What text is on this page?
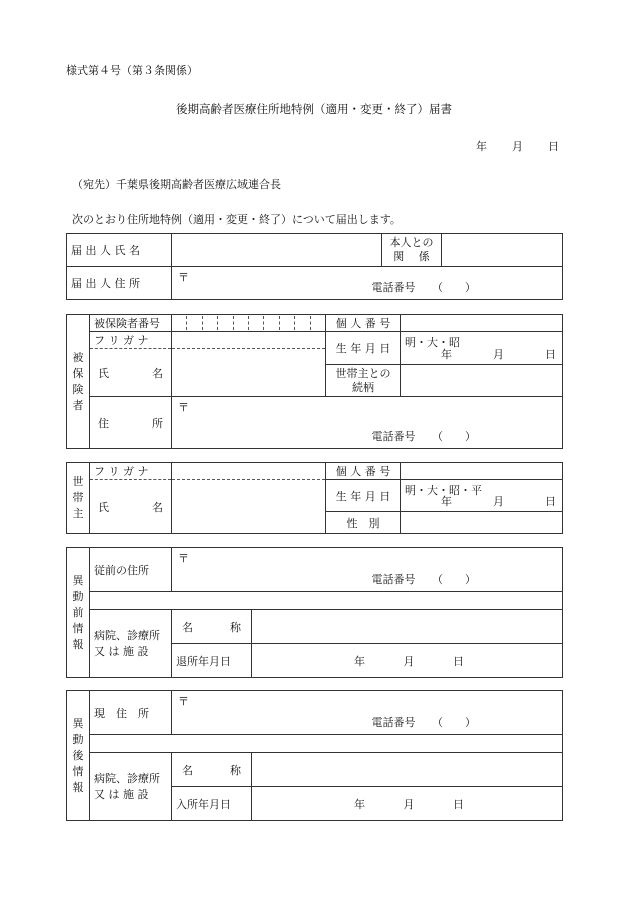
様式第４号（第３条関係）
後期高齢者医療住所地特例（適用・変更・終了）届書
年 月 日
（宛先）千葉県後期高齢者医療広域連合長
次のとおり住所地特例（適用・変更・終了）について届出します。
届 出 人 氏 名		本人との
関　 係	
届 出 人 住 所	〒
電話番号　　 （　　）		
被
保
険
者	被保険者番号		個 人 番 号	
	フ リ ガ ナ		生 年 月 日	明・大・昭
年 月 日

	氏 名			

			世帯主との
続柄	

	住 所	〒
電話番号　　 （　　）		
世
帯
主	フ リ ガ ナ		個 人 番 号	

	氏 名		生 年 月 日	明・大・昭・平
年 月 日

			性　別	
異
動
前
情
報	従前の住所	〒
電話番号　　 （　　）	

	病院、診療所
又 は 施 設	名 称	

		退所年月日	年 月 日
異
動
後
情
報	現　住　所	〒
電話番号　　 （　　）	

	病院、診療所
又 は 施 設	名 称	

		入所年月日	年 月 日
